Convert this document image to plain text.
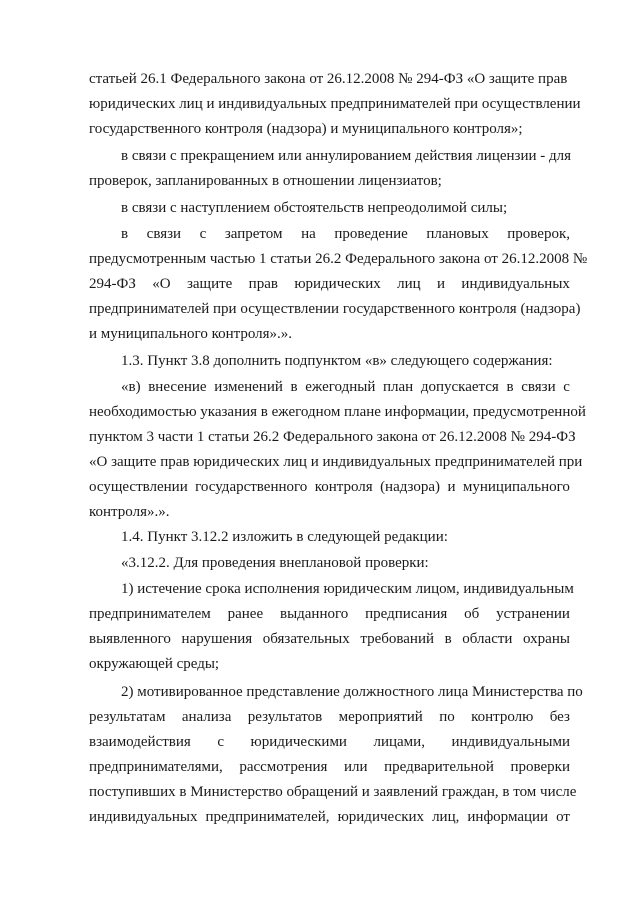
статьей 26.1 Федерального закона от 26.12.2008 № 294-ФЗ «О защите прав
юридических лиц и индивидуальных предпринимателей при осуществлении
государственного контроля (надзора) и муниципального контроля»;
в связи с прекращением или аннулированием действия лицензии - для
проверок, запланированных в отношении лицензиатов;
в связи с наступлением обстоятельств непреодолимой силы;
в связи с запретом на проведение плановых проверок,
предусмотренным частью 1 статьи 26.2 Федерального закона от 26.12.2008 №
294-ФЗ «О защите прав юридических лиц и индивидуальных
предпринимателей при осуществлении государственного контроля (надзора)
и муниципального контроля».».
1.3. Пункт 3.8 дополнить подпунктом «в» следующего содержания:
«в) внесение изменений в ежегодный план допускается в связи с
необходимостью указания в ежегодном плане информации, предусмотренной
пунктом 3 части 1 статьи 26.2 Федерального закона от 26.12.2008 № 294-ФЗ
«О защите прав юридических лиц и индивидуальных предпринимателей при
осуществлении государственного контроля (надзора) и муниципального
контроля».».
1.4. Пункт 3.12.2 изложить в следующей редакции:
«3.12.2. Для проведения внеплановой проверки:
1) истечение срока исполнения юридическим лицом, индивидуальным
предпринимателем ранее выданного предписания об устранении
выявленного нарушения обязательных требований в области охраны
окружающей среды;
2) мотивированное представление должностного лица Министерства по
результатам анализа результатов мероприятий по контролю без
взаимодействия с юридическими лицами, индивидуальными
предпринимателями, рассмотрения или предварительной проверки
поступивших в Министерство обращений и заявлений граждан, в том числе
индивидуальных предпринимателей, юридических лиц, информации от
